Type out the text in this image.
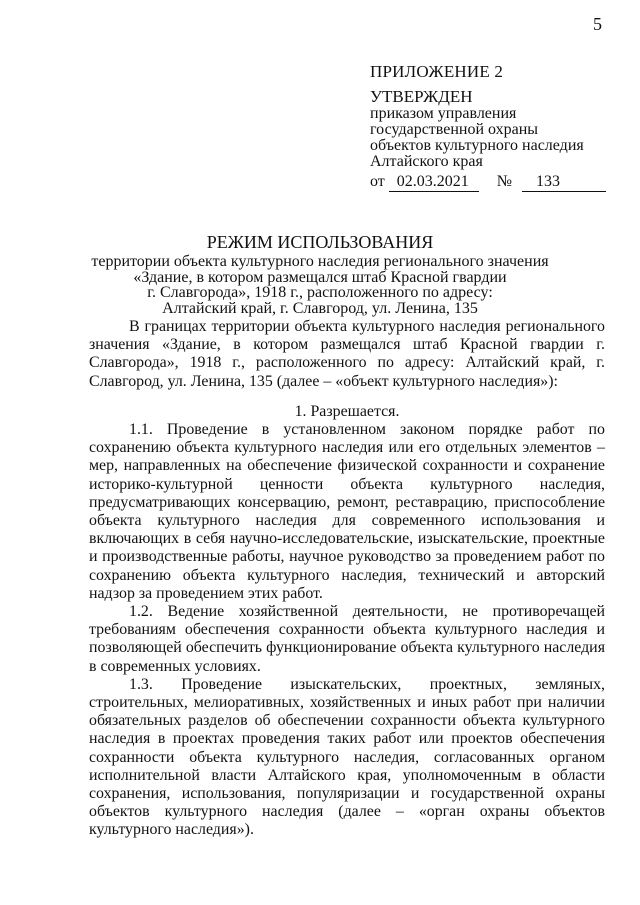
5
ПРИЛОЖЕНИЕ 2
УТВЕРЖДЕН
приказом управления
государственной охраны
объектов культурного наследия
Алтайского края
от 02.03.2021	№	133
РЕЖИМ ИСПОЛЬЗОВАНИЯ
территории объекта культурного наследия регионального значения
«Здание, в котором размещался штаб Красной гвардии
г. Славгорода», 1918 г., расположенного по адресу:
Алтайский край, г. Славгород, ул. Ленина, 135

В границах территории объекта культурного наследия регионального значения «Здание, в котором размещался штаб Красной гвардии г. Славгорода», 1918 г., расположенного по адресу: Алтайский край, г. Славгород, ул. Ленина, 135 (далее – «объект культурного наследия»):

1. Разрешается.

1.1. Проведение в установленном законом порядке работ по сохранению объекта культурного наследия или его отдельных элементов – мер, направленных на обеспечение физической сохранности и сохранение историко-культурной ценности объекта культурного наследия, предусматривающих консервацию, ремонт, реставрацию, приспособление объекта культурного наследия для современного использования и включающих в себя научно-исследовательские, изыскательские, проектные и производственные работы, научное руководство за проведением работ по сохранению объекта культурного наследия, технический и авторский надзор за проведением этих работ.

1.2. Ведение хозяйственной деятельности, не противоречащей требованиям обеспечения сохранности объекта культурного наследия и позволяющей обеспечить функционирование объекта культурного наследия в современных условиях.

1.3. Проведение изыскательских, проектных, земляных, строительных, мелиоративных, хозяйственных и иных работ при наличии обязательных разделов об обеспечении сохранности объекта культурного наследия в проектах проведения таких работ или проектов обеспечения сохранности объекта культурного наследия, согласованных органом исполнительной власти Алтайского края, уполномоченным в области сохранения, использования, популяризации и государственной охраны объектов культурного наследия (далее – «орган охраны объектов культурного наследия»).
